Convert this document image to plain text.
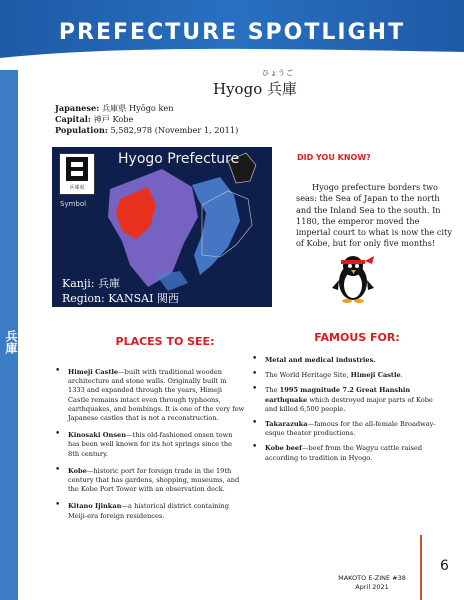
PREFECTURE SPOTLIGHT
兵庫
ひょうご
Hyogo 兵庫
Japanese: 兵庫県 Hyōgo ken
Capital: 神戸 Kobe
Population: 5,582,978 (November 1, 2011)
Hyogo Prefecture
兵庫県
Symbol
Kanji: 兵庫
Region: KANSAI 関西
DID YOU KNOW?
Hyogo prefecture borders two seas: the Sea of Japan to the north and the Inland Sea to the south. In 1180, the emperor moved the imperial court to what is now the city of Kobe, but for only five months!
PLACES TO SEE:	FAMOUS FOR:
• Himeji Castle—built with traditional wooden architecture and stone walls. Originally built in 1333 and expanded through the years, Himeji Castle remains intact even through typhoons, earthquakes, and bombings. It is one of the very few Japanese castles that is not a reconstruction.
• Kinosaki Onsen—this old-fashioned onsen town has been well known for its hot springs since the 8th century.
• Kobe—historic port for foreign trade in the 19th century that has gardens, shopping, museums, and the Kobe Port Tower with an observation deck.
• Kitano Ijinkan—a historical district containing Meiji-era foreign residences.
• Metal and medical industries.
• The World Heritage Site, Himeji Castle.
• The 1995 magnitude 7.2 Great Hanshin earthquake which destroyed major parts of Kobe and killed 6,500 people.
• Takarazuka—famous for the all-female Broadway-esque theater productions.
• Kobe beef—beef from the Wagyu cattle raised according to tradition in Hyogo.
6
MAKOTO E-ZINE #38
April 2021
